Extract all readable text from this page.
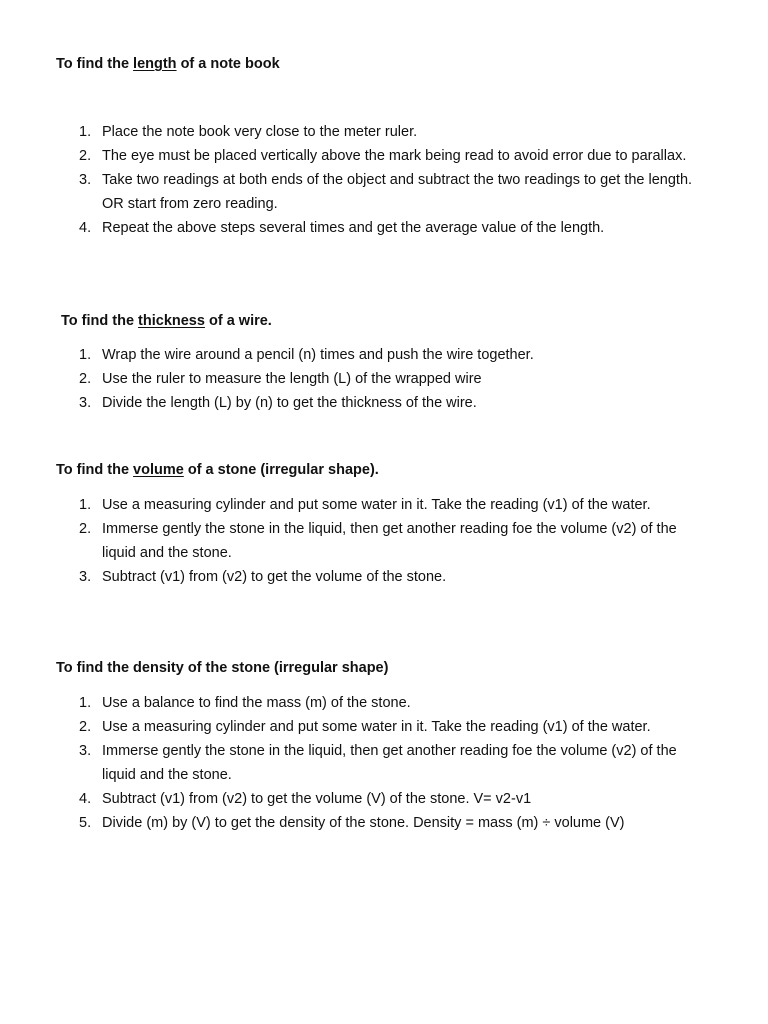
To find the length of a note book
1. Place the note book very close to the meter ruler.
2. The eye must be placed vertically above the mark being read to avoid error due to parallax.
3. Take two readings at both ends of the object and subtract the two readings to get the length. OR start from zero reading.
4. Repeat the above steps several times and get the average value of the length.
To find the thickness of a wire.
1. Wrap the wire around a pencil (n) times and push the wire together.
2. Use the ruler to measure the length (L) of the wrapped wire
3. Divide the length (L) by (n) to get the thickness of the wire.
To find the volume of a stone (irregular shape).
1. Use a measuring cylinder and put some water in it. Take the reading (v1) of the water.
2. Immerse gently the stone in the liquid, then get another reading foe the volume (v2) of the liquid and the stone.
3. Subtract (v1) from (v2) to get the volume of the stone.
To find the density of the stone (irregular shape)
1. Use a balance to find the mass (m) of the stone.
2. Use a measuring cylinder and put some water in it. Take the reading (v1) of the water.
3. Immerse gently the stone in the liquid, then get another reading foe the volume (v2) of the liquid and the stone.
4. Subtract (v1) from (v2) to get the volume (V) of the stone. V= v2-v1
5. Divide (m) by (V) to get the density of the stone. Density = mass (m) ÷ volume (V)
